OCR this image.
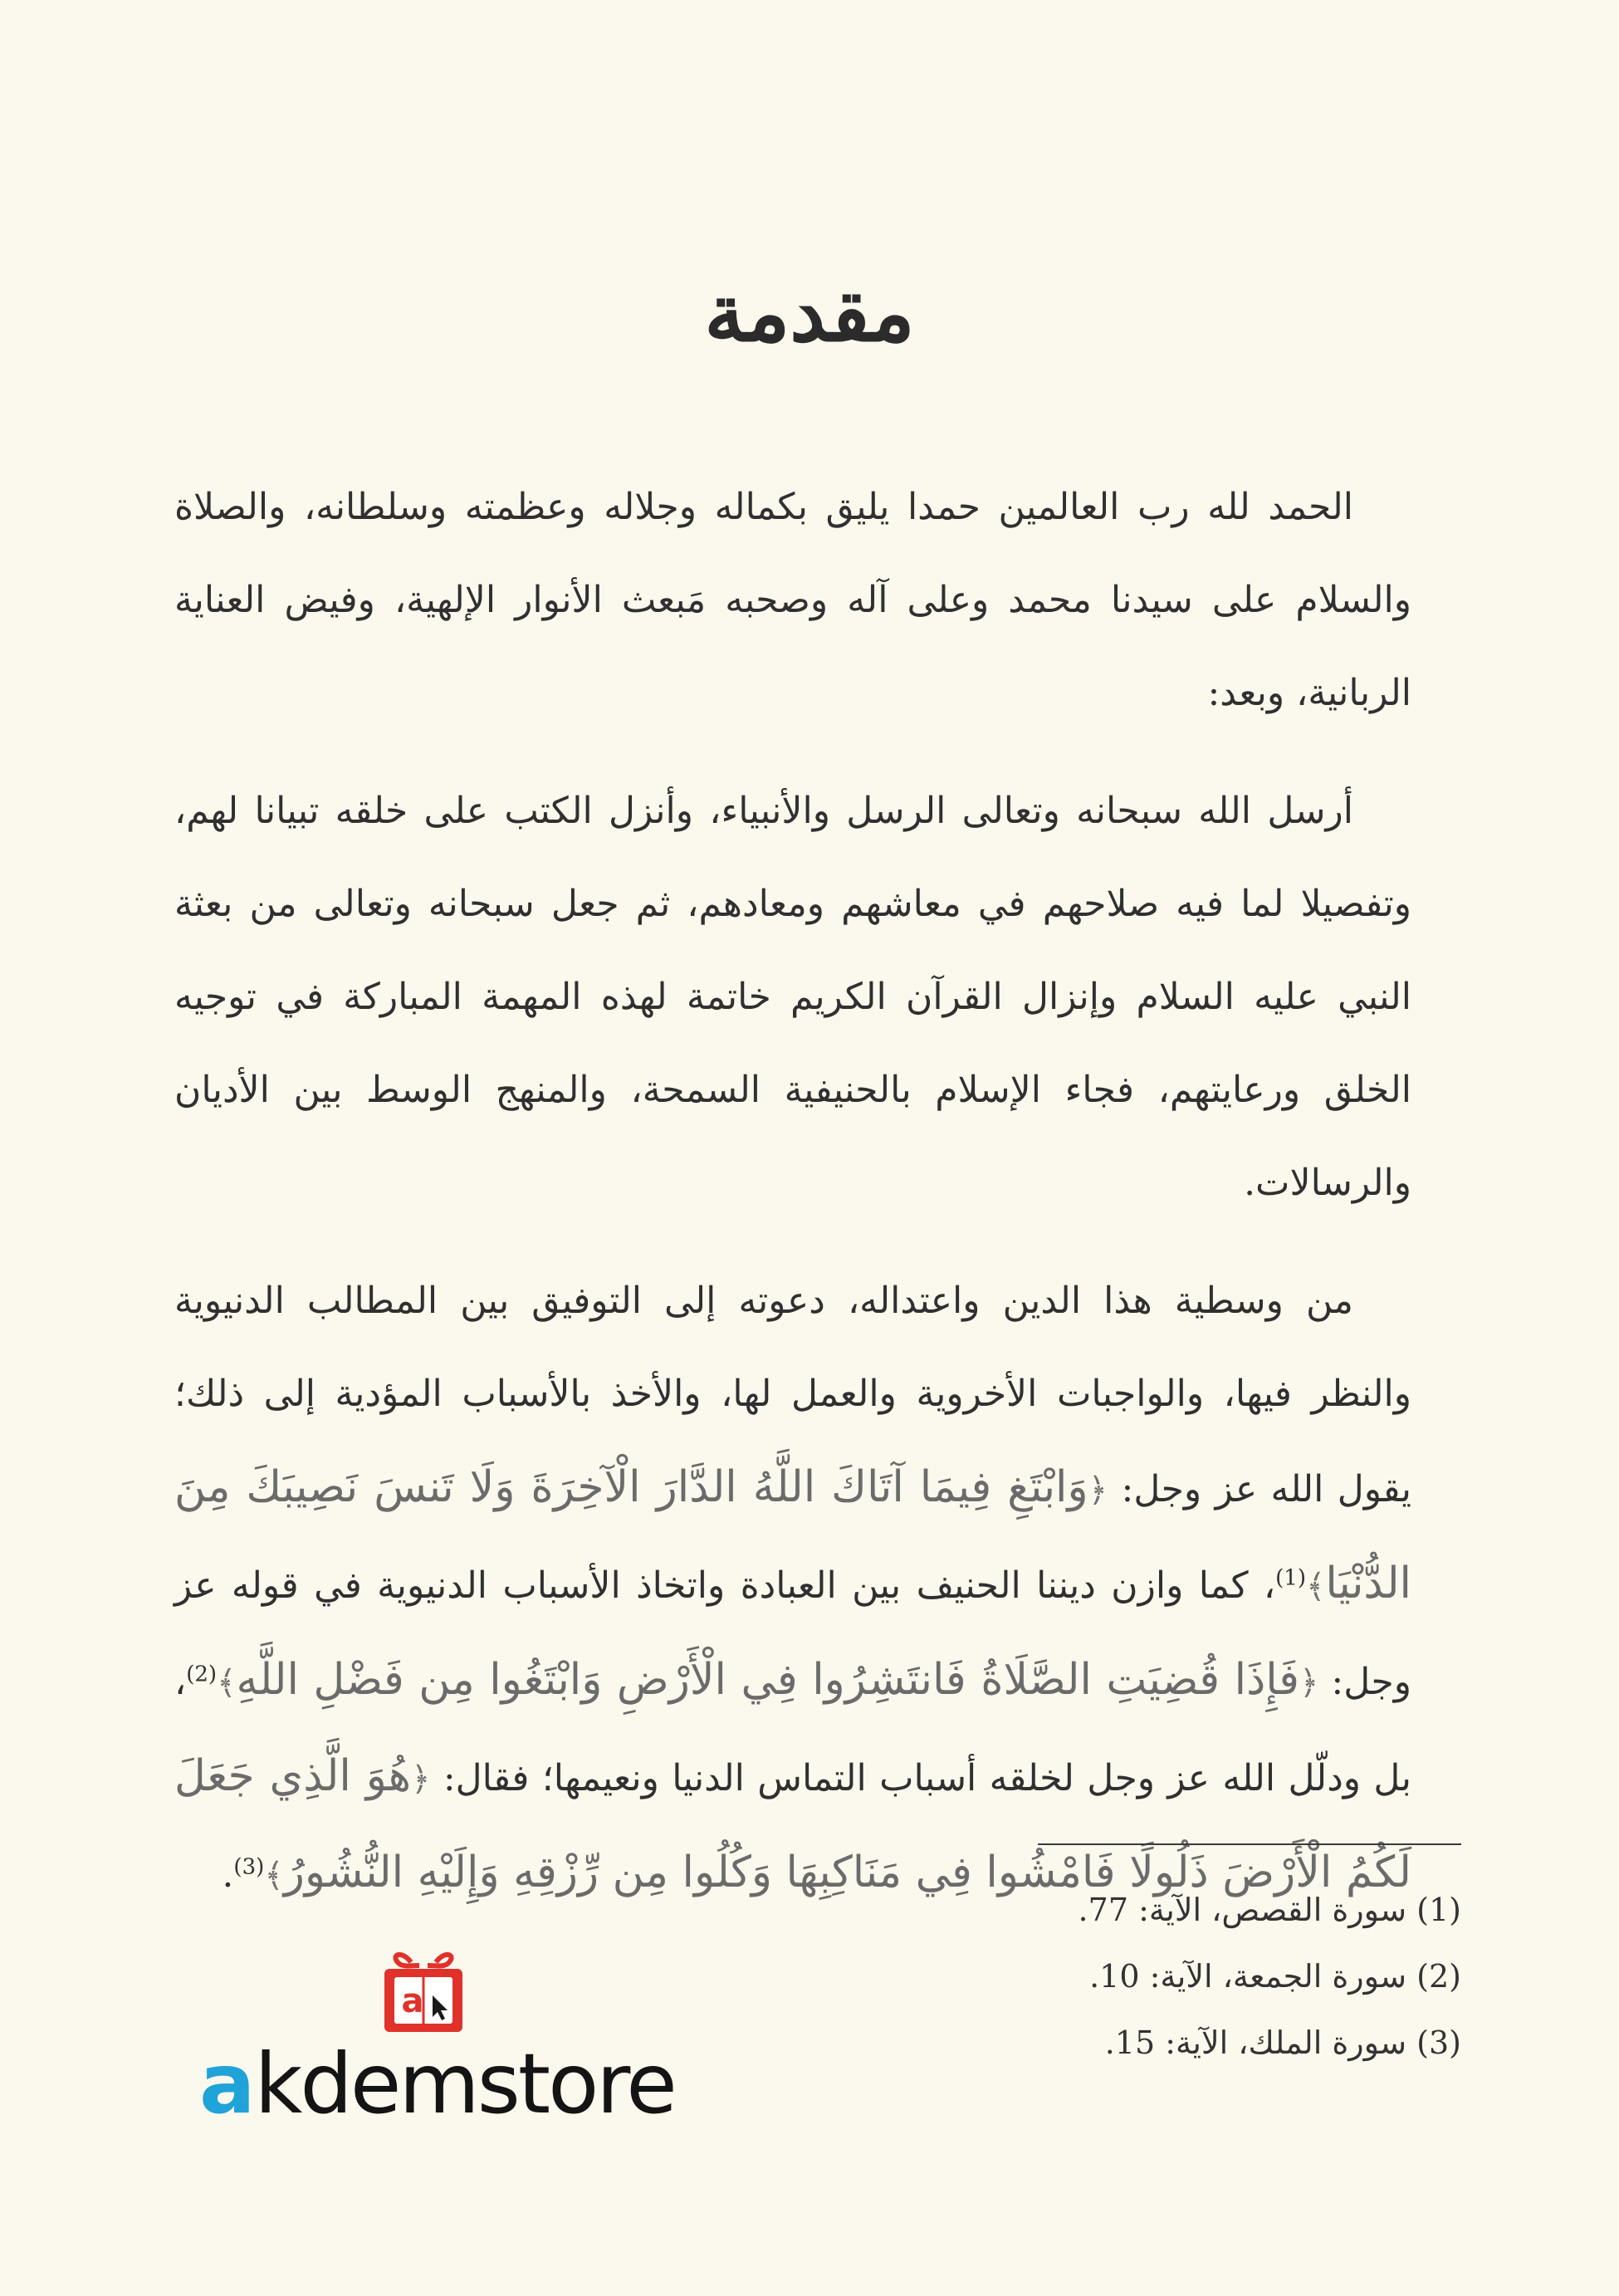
مقدمة

الحمد لله رب العالمين حمدا يليق بكماله وجلاله وعظمته وسلطانه، والصلاة والسلام على سيدنا محمد وعلى آله وصحبه مَبعث الأنوار الإلهية، وفيض العناية الربانية، وبعد:

أرسل الله سبحانه وتعالى الرسل والأنبياء، وأنزل الكتب على خلقه تبيانا لهم، وتفصيلا لما فيه صلاحهم في معاشهم ومعادهم، ثم جعل سبحانه وتعالى من بعثة النبي عليه السلام وإنزال القرآن الكريم خاتمة لهذه المهمة المباركة في توجيه الخلق ورعايتهم، فجاء الإسلام بالحنيفية السمحة، والمنهج الوسط بين الأديان والرسالات.

من وسطية هذا الدين واعتداله، دعوته إلى التوفيق بين المطالب الدنيوية والنظر فيها، والواجبات الأخروية والعمل لها، والأخذ بالأسباب المؤدية إلى ذلك؛ يقول الله عز وجل: ﴿وَابْتَغِ فِيمَا آتَاكَ اللَّهُ الدَّارَ الْآخِرَةَ وَلَا تَنسَ نَصِيبَكَ مِنَ الدُّنْيَا﴾$^{(1)}$، كما وازن ديننا الحنيف بين العبادة واتخاذ الأسباب الدنيوية في قوله عز وجل: ﴿فَإِذَا قُضِيَتِ الصَّلَاةُ فَانتَشِرُوا فِي الْأَرْضِ وَابْتَغُوا مِن فَضْلِ اللَّهِ﴾$^{(2)}$، بل ودلّل الله عز وجل لخلقه أسباب التماس الدنيا ونعيمها؛ فقال: ﴿هُوَ الَّذِي جَعَلَ لَكُمُ الْأَرْضَ ذَلُولًا فَامْشُوا فِي مَنَاكِبِهَا وَكُلُوا مِن رِّزْقِهِ وَإِلَيْهِ النُّشُورُ﴾$^{(3)}$.

(1) سورة القصص، الآية: 77.
(2) سورة الجمعة، الآية: 10.
(3) سورة الملك، الآية: 15.
a
akdemstore
